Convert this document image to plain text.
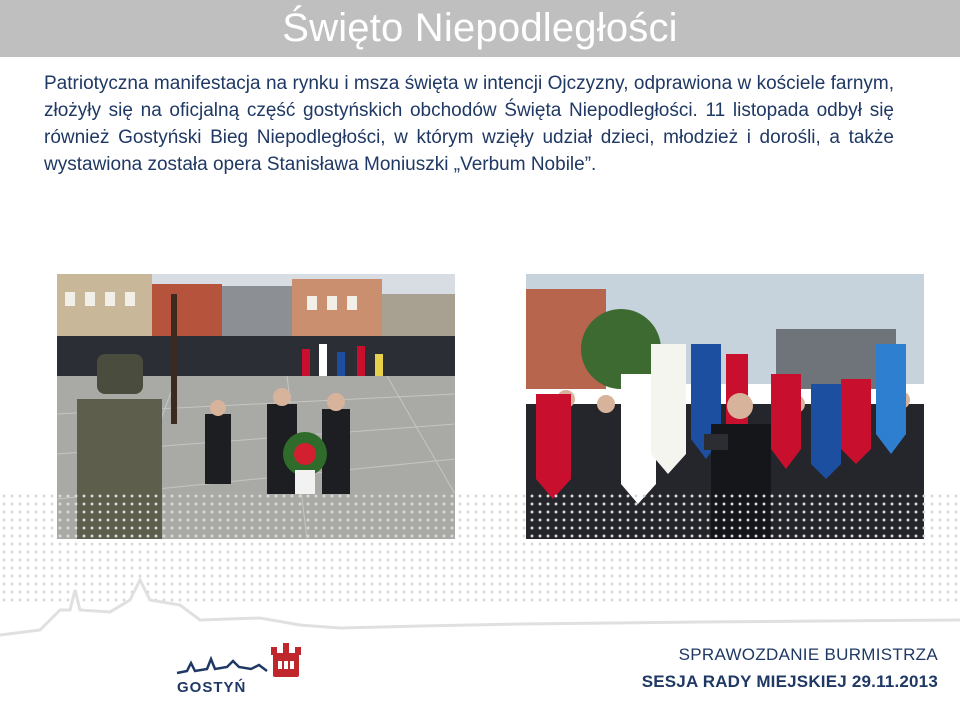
Święto Niepodległości

Patriotyczna manifestacja na rynku i msza święta w intencji Ojczyzny, odprawiona w kościele farnym, złożyły się na oficjalną część gostyńskich obchodów Święta Niepodległości. 11 listopada odbył się również Gostyński Bieg Niepodległości, w którym wzięły udział dzieci, młodzież i dorośli, a także wystawiona została opera Stanisława Moniuszki „Verbum Nobile”.

GOSTYŃ
SPRAWOZDANIE BURMISTRZA
SESJA RADY MIEJSKIEJ 29.11.2013
